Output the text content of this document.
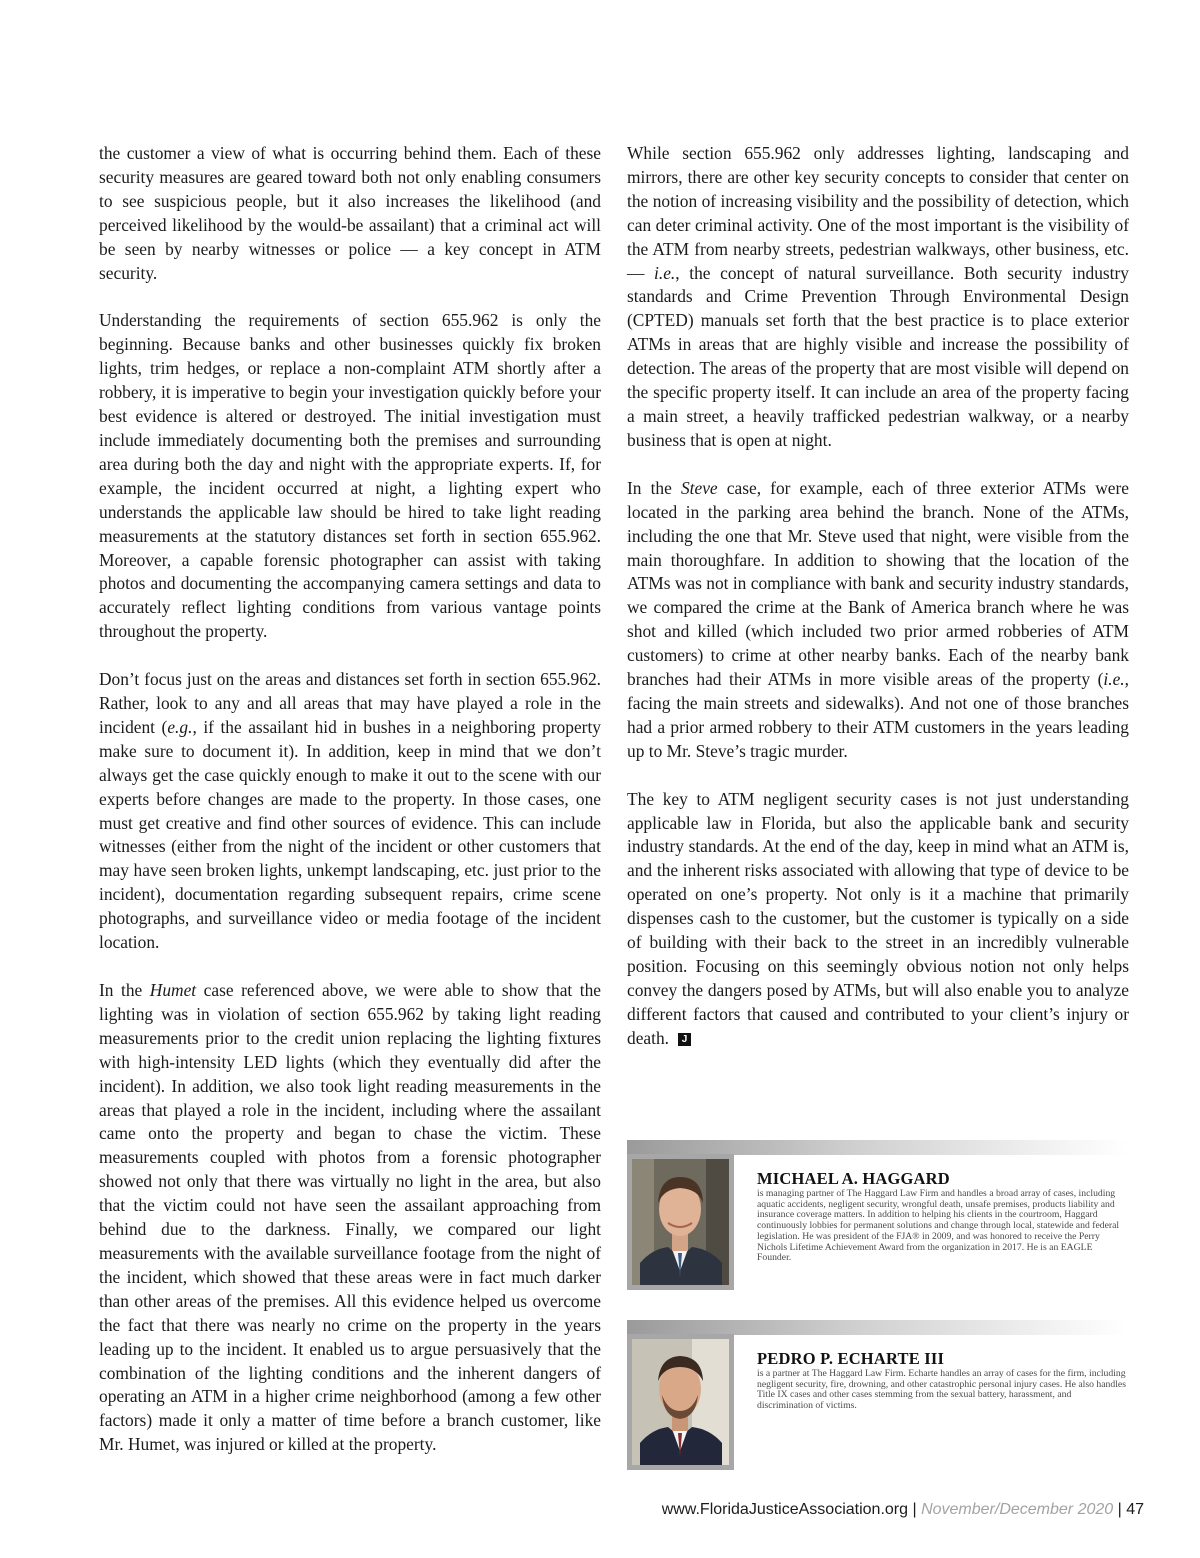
the customer a view of what is occurring behind them. Each of these security measures are geared toward both not only enabling consumers to see suspicious people, but it also increases the likelihood (and perceived likelihood by the would-be assailant) that a criminal act will be seen by nearby witnesses or police — a key concept in ATM security.

Understanding the requirements of section 655.962 is only the beginning. Because banks and other businesses quickly fix broken lights, trim hedges, or replace a non-complaint ATM shortly after a robbery, it is imperative to begin your investigation quickly before your best evidence is altered or destroyed. The initial investigation must include immediately documenting both the premises and surrounding area during both the day and night with the appropriate experts. If, for example, the incident occurred at night, a lighting expert who understands the applicable law should be hired to take light reading measurements at the statutory distances set forth in section 655.962. Moreover, a capable forensic photographer can assist with taking photos and documenting the accompanying camera settings and data to accurately reflect lighting conditions from various vantage points throughout the property.

Don’t focus just on the areas and distances set forth in section 655.962. Rather, look to any and all areas that may have played a role in the incident (e.g., if the assailant hid in bushes in a neighboring property make sure to document it). In addition, keep in mind that we don’t always get the case quickly enough to make it out to the scene with our experts before changes are made to the property. In those cases, one must get creative and find other sources of evidence. This can include witnesses (either from the night of the incident or other customers that may have seen broken lights, unkempt landscaping, etc. just prior to the incident), documentation regarding subsequent repairs, crime scene photographs, and surveillance video or media footage of the incident location.

In the Humet case referenced above, we were able to show that the lighting was in violation of section 655.962 by taking light reading measurements prior to the credit union replacing the lighting fixtures with high-intensity LED lights (which they eventually did after the incident). In addition, we also took light reading measurements in the areas that played a role in the incident, including where the assailant came onto the property and began to chase the victim. These measurements coupled with photos from a forensic photographer showed not only that there was virtually no light in the area, but also that the victim could not have seen the assailant approaching from behind due to the darkness. Finally, we compared our light measurements with the available surveillance footage from the night of the incident, which showed that these areas were in fact much darker than other areas of the premises. All this evidence helped us overcome the fact that there was nearly no crime on the property in the years leading up to the incident. It enabled us to argue persuasively that the combination of the lighting conditions and the inherent dangers of operating an ATM in a higher crime neighborhood (among a few other factors) made it only a matter of time before a branch customer, like Mr. Humet, was injured or killed at the property.

While section 655.962 only addresses lighting, landscaping and mirrors, there are other key security concepts to consider that center on the notion of increasing visibility and the possibility of detection, which can deter criminal activity. One of the most important is the visibility of the ATM from nearby streets, pedestrian walkways, other business, etc. — i.e., the concept of natural surveillance. Both security industry standards and Crime Prevention Through Environmental Design (CPTED) manuals set forth that the best practice is to place exterior ATMs in areas that are highly visible and increase the possibility of detection. The areas of the property that are most visible will depend on the specific property itself. It can include an area of the property facing a main street, a heavily trafficked pedestrian walkway, or a nearby business that is open at night.

In the Steve case, for example, each of three exterior ATMs were located in the parking area behind the branch. None of the ATMs, including the one that Mr. Steve used that night, were visible from the main thoroughfare. In addition to showing that the location of the ATMs was not in compliance with bank and security industry standards, we compared the crime at the Bank of America branch where he was shot and killed (which included two prior armed robberies of ATM customers) to crime at other nearby banks. Each of the nearby bank branches had their ATMs in more visible areas of the property (i.e., facing the main streets and sidewalks). And not one of those branches had a prior armed robbery to their ATM customers in the years leading up to Mr. Steve’s tragic murder.

The key to ATM negligent security cases is not just understanding applicable law in Florida, but also the applicable bank and security industry standards. At the end of the day, keep in mind what an ATM is, and the inherent risks associated with allowing that type of device to be operated on one’s property. Not only is it a machine that primarily dispenses cash to the customer, but the customer is typically on a side of building with their back to the street in an incredibly vulnerable position. Focusing on this seemingly obvious notion not only helps convey the dangers posed by ATMs, but will also enable you to analyze different factors that caused and contributed to your client’s injury or death. J

MICHAEL A. HAGGARD

is managing partner of The Haggard Law Firm and handles a broad array of cases, including aquatic accidents, negligent security, wrongful death, unsafe premises, products liability and insurance coverage matters. In addition to helping his clients in the courtroom, Haggard continuously lobbies for permanent solutions and change through local, statewide and federal legislation. He was president of the FJA® in 2009, and was honored to receive the Perry Nichols Lifetime Achievement Award from the organization in 2017. He is an EAGLE Founder.

PEDRO P. ECHARTE III

is a partner at The Haggard Law Firm. Echarte handles an array of cases for the firm, including negligent security, fire, drowning, and other catastrophic personal injury cases. He also handles Title IX cases and other cases stemming from the sexual battery, harassment, and discrimination of victims.

www.FloridaJusticeAssociation.org | November/December 2020 | 47
